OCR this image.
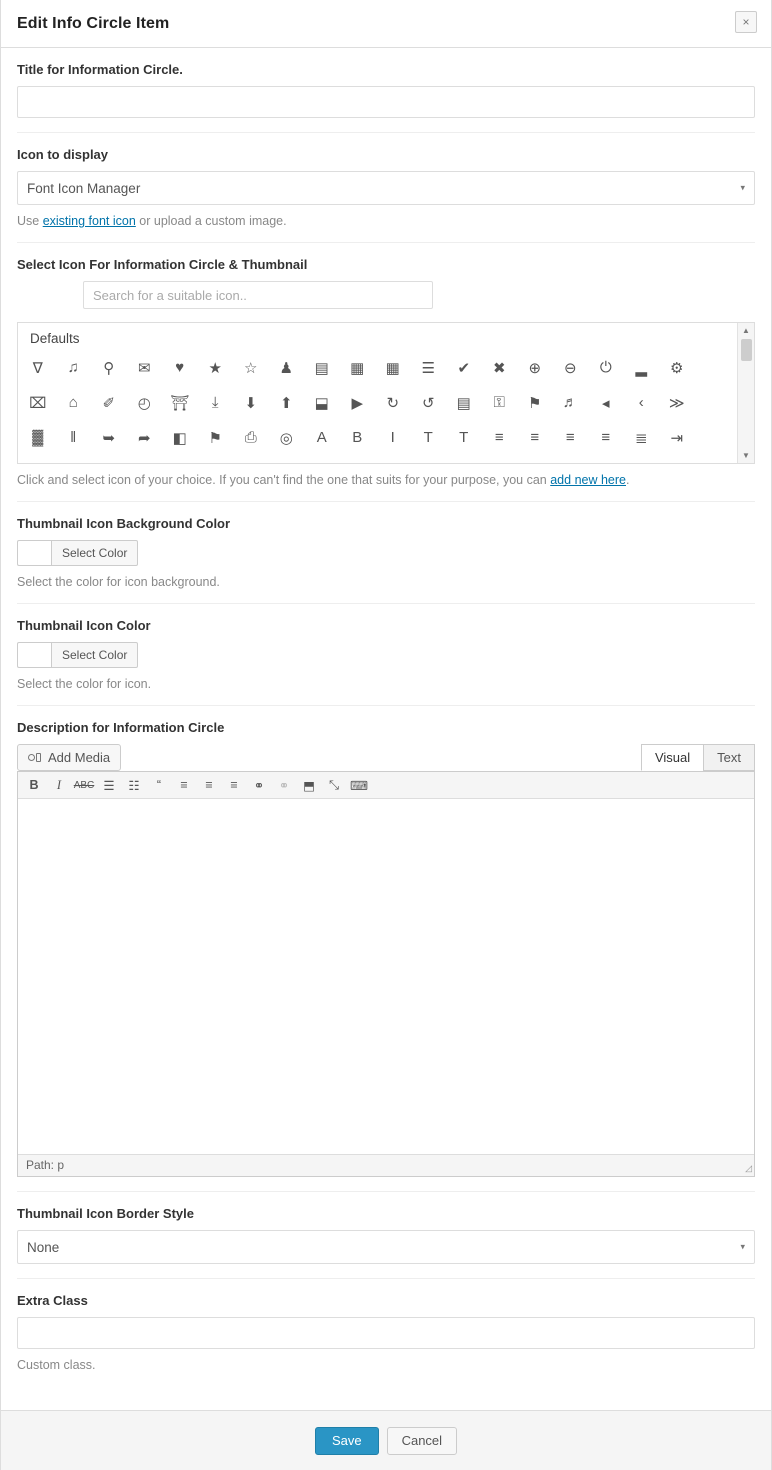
Edit Info Circle Item	×
Title for Information Circle.
Icon to display
Font Icon Manager
▾
Use existing font icon or upload a custom image.
Select Icon For Information Circle & Thumbnail
Search for a suitable icon..
Defaults
∇	♫	⚲	✉	♥	★	☆	♟	▤	▦	▦	☰	✔	✖	⊕	⊖	⏻	▂	⚙
⌧	⌂	✐	◴	⛩	⤓	⬇	⬆	⬓	▶	↻	↺	▤	⚿	⚑	♬	◂	‹	≫
▓	‖	➥	➦	◧	⚑	⎙	◎	A	B	I	T	T	≡	≡	≡	≡	≣	⇥
▲
▼
Click and select icon of your choice. If you can't find the one that suits for your purpose, you can add new here.
Thumbnail Icon Background Color
Select Color
Select the color for icon background.
Thumbnail Icon Color
Select Color
Select the color for icon.
Description for Information Circle
Add Media	Visual	Text
B	I	ABC ☰	☷	“	≡	≡	≡	⚭	⚭	⬒	⤡ ⌨
Path: p	◿
Thumbnail Icon Border Style
None
▾
Extra Class
Custom class.
Save	Cancel
